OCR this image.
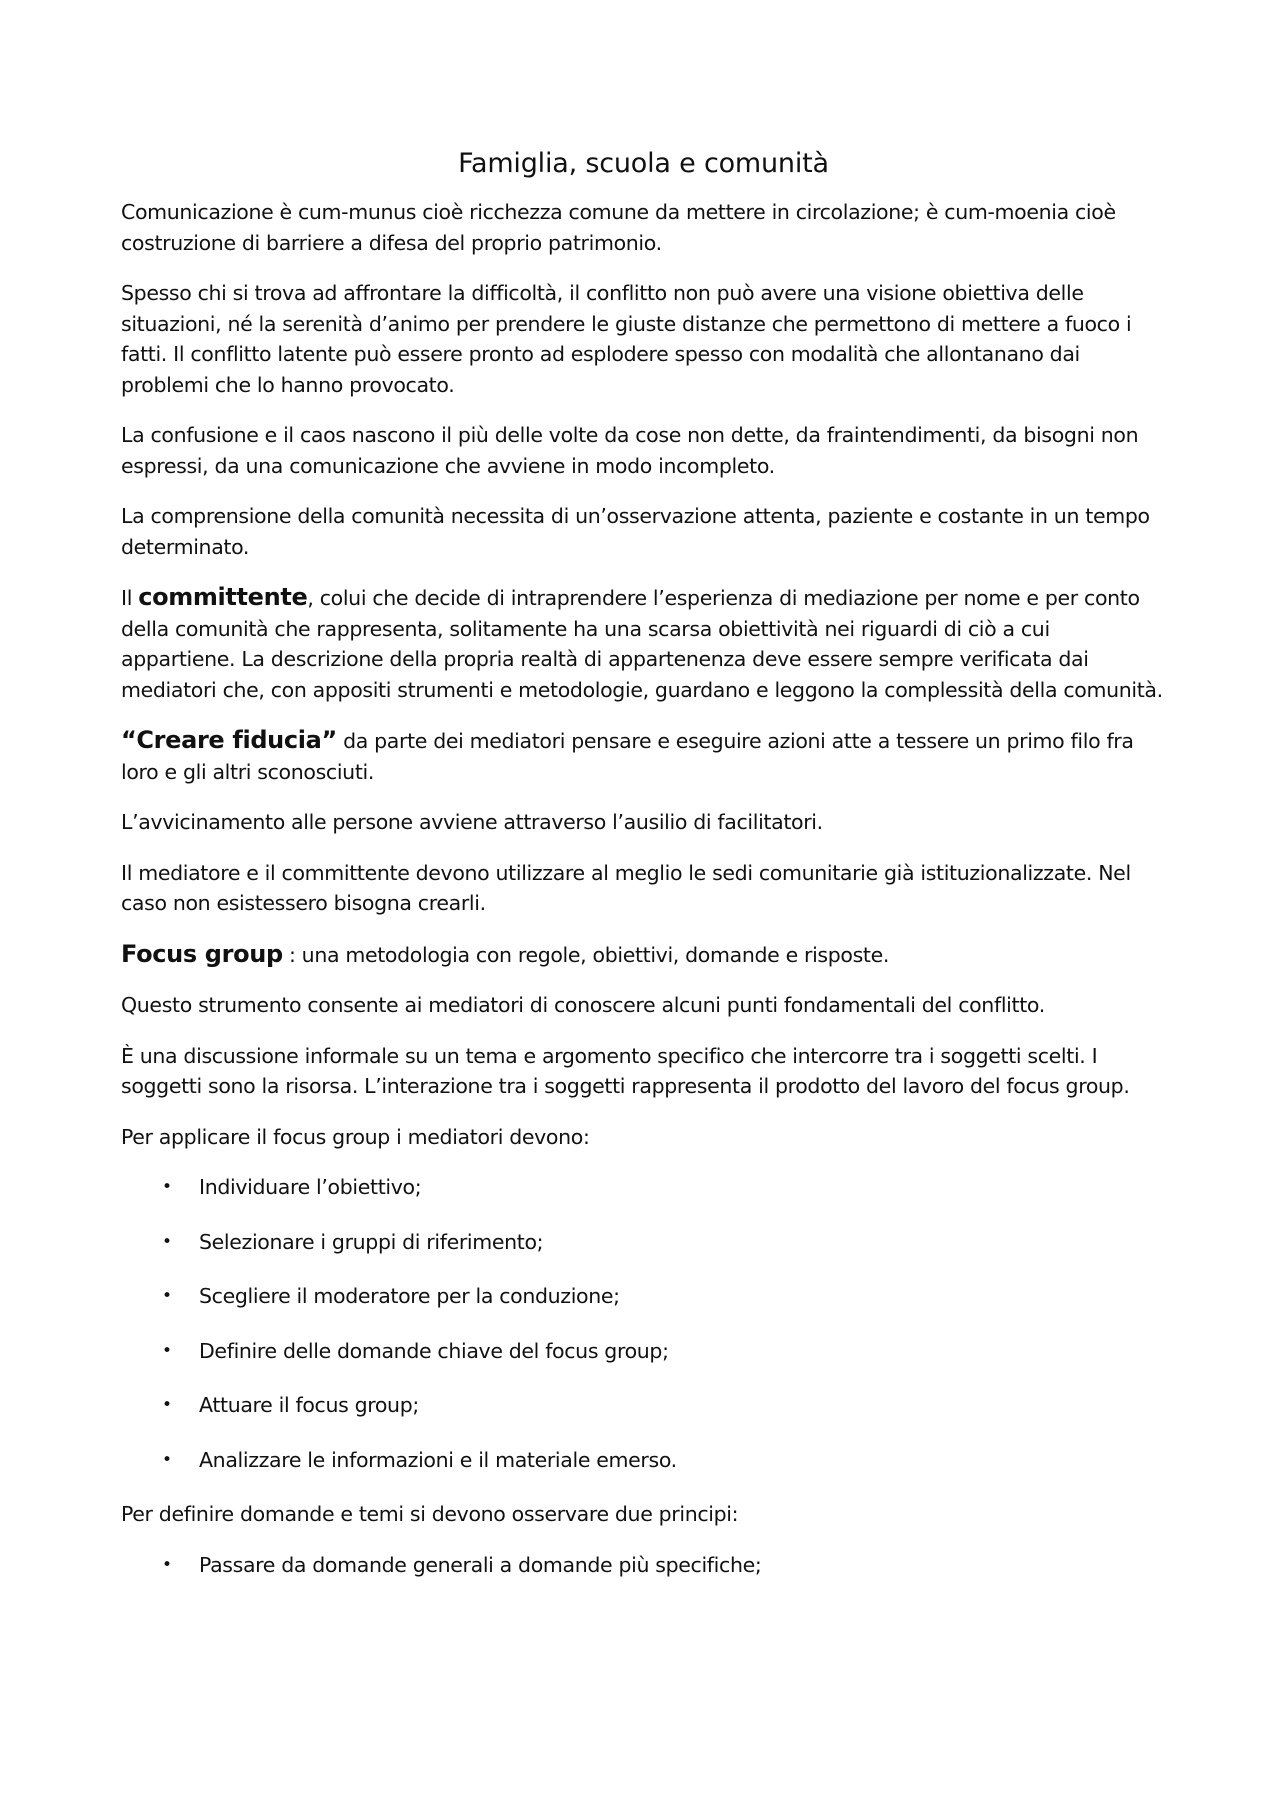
Famiglia, scuola e comunità

Comunicazione è cum-munus cioè ricchezza comune da mettere in circolazione; è cum-moenia cioè costruzione di barriere a difesa del proprio patrimonio.

Spesso chi si trova ad affrontare la difficoltà, il conflitto non può avere una visione obiettiva delle situazioni, né la serenità d’animo per prendere le giuste distanze che permettono di mettere a fuoco i fatti. Il conflitto latente può essere pronto ad esplodere spesso con modalità che allontanano dai problemi che lo hanno provocato.

La confusione e il caos nascono il più delle volte da cose non dette, da fraintendimenti, da bisogni non espressi, da una comunicazione che avviene in modo incompleto.

La comprensione della comunità necessita di un’osservazione attenta, paziente e costante in un tempo determinato.

Il committente, colui che decide di intraprendere l’esperienza di mediazione per nome e per conto della comunità che rappresenta, solitamente ha una scarsa obiettività nei riguardi di ciò a cui appartiene. La descrizione della propria realtà di appartenenza deve essere sempre verificata dai mediatori che, con appositi strumenti e metodologie, guardano e leggono la complessità della comunità.

“Creare fiducia” da parte dei mediatori pensare e eseguire azioni atte a tessere un primo filo fra loro e gli altri sconosciuti.

L’avvicinamento alle persone avviene attraverso l’ausilio di facilitatori.

Il mediatore e il committente devono utilizzare al meglio le sedi comunitarie già istituzionalizzate. Nel caso non esistessero bisogna crearli.

Focus group : una metodologia con regole, obiettivi, domande e risposte.

Questo strumento consente ai mediatori di conoscere alcuni punti fondamentali del conflitto.

È una discussione informale su un tema e argomento specifico che intercorre tra i soggetti scelti. I soggetti sono la risorsa. L’interazione tra i soggetti rappresenta il prodotto del lavoro del focus group.

Per applicare il focus group i mediatori devono:

• Individuare l’obiettivo;
• Selezionare i gruppi di riferimento;
• Scegliere il moderatore per la conduzione;
• Definire delle domande chiave del focus group;
• Attuare il focus group;
• Analizzare le informazioni e il materiale emerso.

Per definire domande e temi si devono osservare due principi:

• Passare da domande generali a domande più specifiche;
